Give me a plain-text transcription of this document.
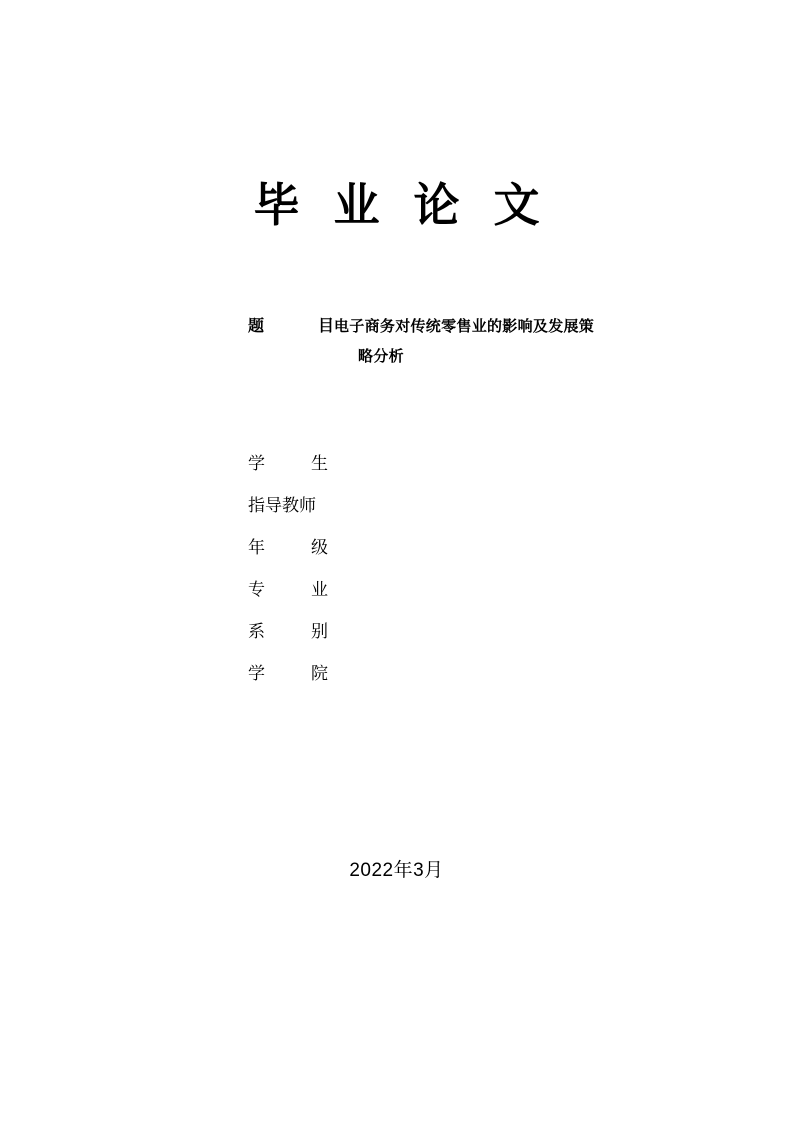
毕业论文
题	目 电子商务对传统零售业的影响及发展策
略分析
学	生
指导教师
年	级
专	业
系	别
学	院
2022年3月
